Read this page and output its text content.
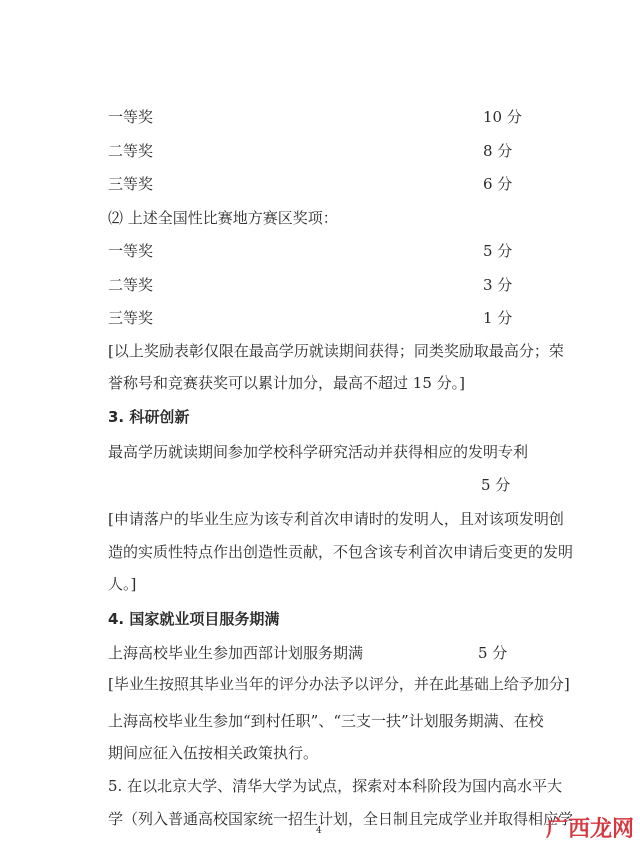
一等奖	10 分
二等奖	8 分
三等奖	6 分
⑵ 上述全国性比赛地方赛区奖项：
一等奖	5 分
二等奖	3 分
三等奖	1 分
[以上奖励表彰仅限在最高学历就读期间获得；同类奖励取最高分；荣
誉称号和竞赛获奖可以累计加分，最高不超过 15 分。]
3. 科研创新
最高学历就读期间参加学校科学研究活动并获得相应的发明专利
5 分
[申请落户的毕业生应为该专利首次申请时的发明人，且对该项发明创
造的实质性特点作出创造性贡献，不包含该专利首次申请后变更的发明
人。]
4. 国家就业项目服务期满
上海高校毕业生参加西部计划服务期满	5 分
[毕业生按照其毕业当年的评分办法予以评分，并在此基础上给予加分]
上海高校毕业生参加“到村任职”、“三支一扶”计划服务期满、在校
期间应征入伍按相关政策执行。
5. 在以北京大学、清华大学为试点，探索对本科阶段为国内高水平大
学（列入普通高校国家统一招生计划，全日制且完成学业并取得相应学
4	广西龙网
